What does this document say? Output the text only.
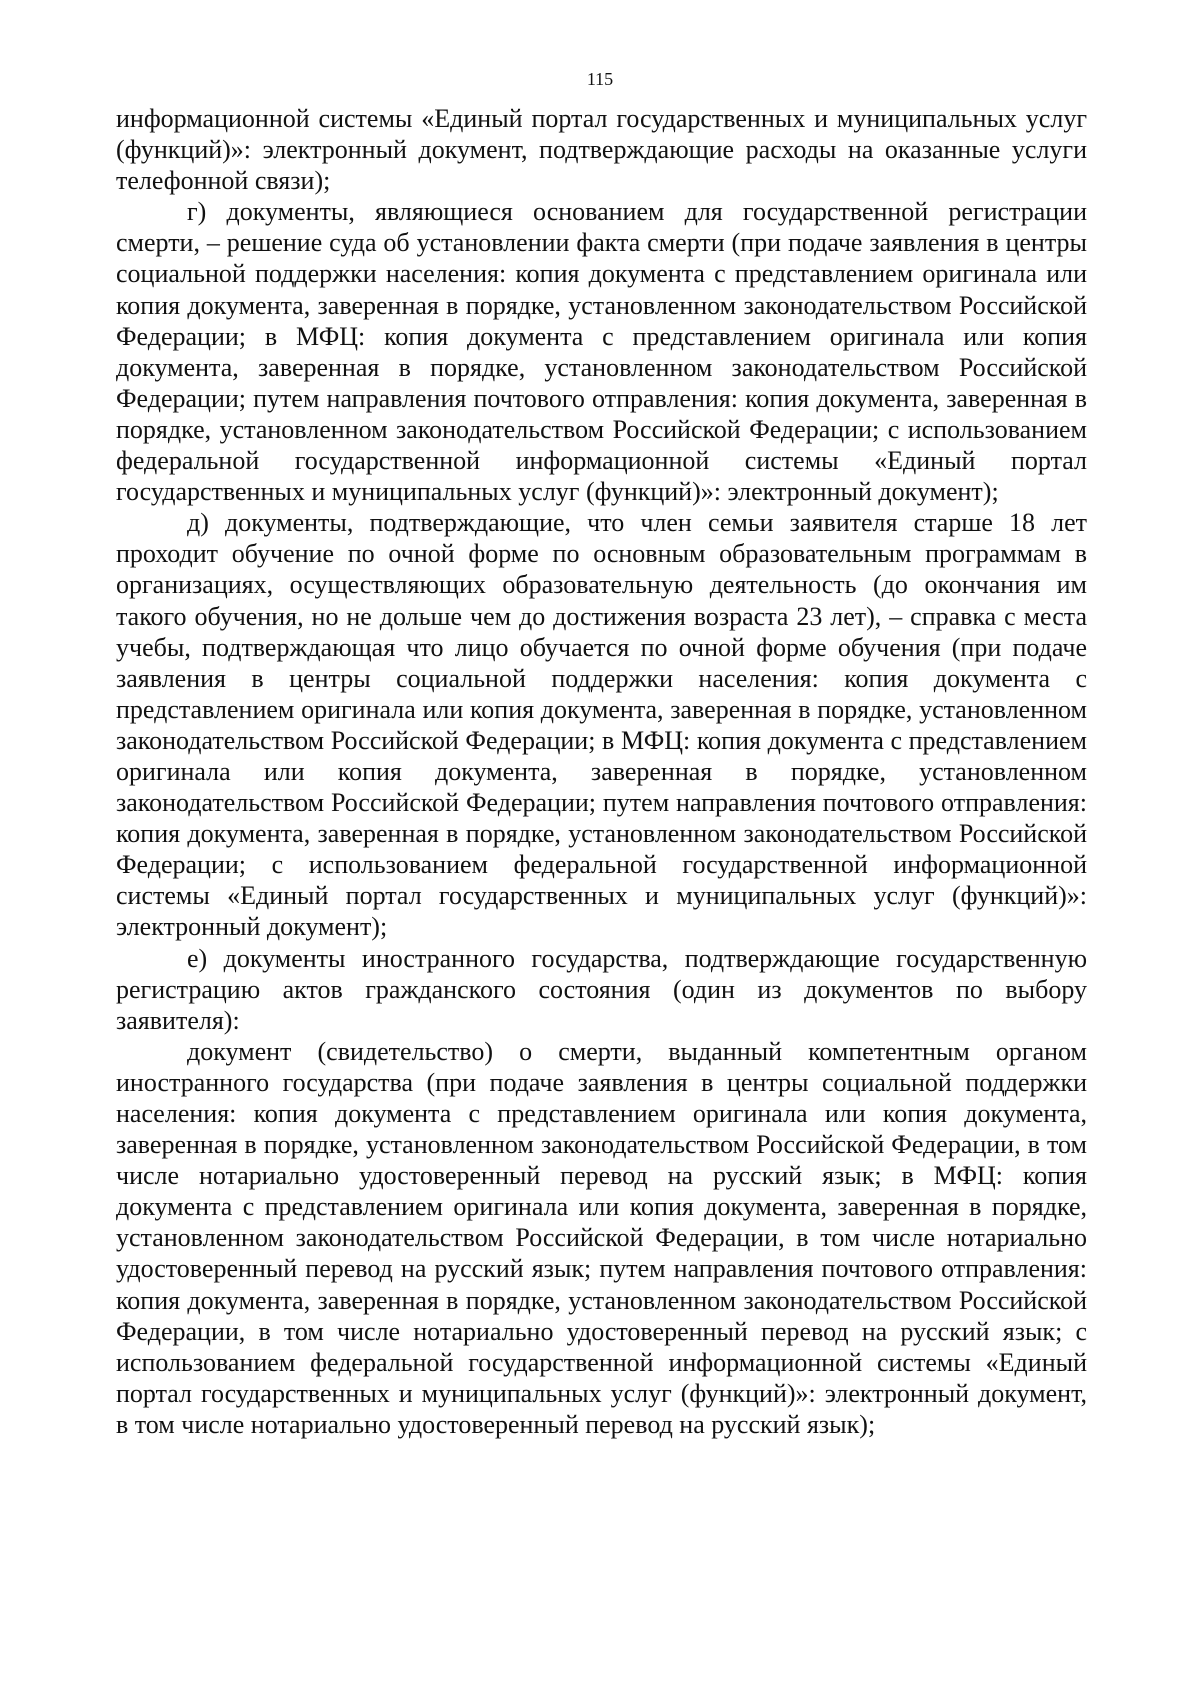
115

информационной системы «Единый портал государственных и муниципальных услуг (функций)»: электронный документ, подтверждающие расходы на оказанные услуги телефонной связи);

г) документы, являющиеся основанием для государственной регистрации смерти, – решение суда об установлении факта смерти (при подаче заявления в центры социальной поддержки населения: копия документа с представлением оригинала или копия документа, заверенная в порядке, установленном законодательством Российской Федерации; в МФЦ: копия документа с представлением оригинала или копия документа, заверенная в порядке, установленном законодательством Российской Федерации; путем направления почтового отправления: копия документа, заверенная в порядке, установленном законодательством Российской Федерации; с использованием федеральной государственной информационной системы «Единый портал государственных и муниципальных услуг (функций)»: электронный документ);

д) документы, подтверждающие, что член семьи заявителя старше 18 лет проходит обучение по очной форме по основным образовательным программам в организациях, осуществляющих образовательную деятельность (до окончания им такого обучения, но не дольше чем до достижения возраста 23 лет), – справка с места учебы, подтверждающая что лицо обучается по очной форме обучения (при подаче заявления в центры социальной поддержки населения: копия документа с представлением оригинала или копия документа, заверенная в порядке, установленном законодательством Российской Федерации; в МФЦ: копия документа с представлением оригинала или копия документа, заверенная в порядке, установленном законодательством Российской Федерации; путем направления почтового отправления: копия документа, заверенная в порядке, установленном законодательством Российской Федерации; с использованием федеральной государственной информационной системы «Единый портал государственных и муниципальных услуг (функций)»: электронный документ);

е) документы иностранного государства, подтверждающие государственную регистрацию актов гражданского состояния (один из документов по выбору заявителя):

документ (свидетельство) о смерти, выданный компетентным органом иностранного государства (при подаче заявления в центры социальной поддержки населения: копия документа с представлением оригинала или копия документа, заверенная в порядке, установленном законодательством Российской Федерации, в том числе нотариально удостоверенный перевод на русский язык; в МФЦ: копия документа с представлением оригинала или копия документа, заверенная в порядке, установленном законодательством Российской Федерации, в том числе нотариально удостоверенный перевод на русский язык; путем направления почтового отправления: копия документа, заверенная в порядке, установленном законодательством Российской Федерации, в том числе нотариально удостоверенный перевод на русский язык; с использованием федеральной государственной информационной системы «Единый портал государственных и муниципальных услуг (функций)»: электронный документ, в том числе нотариально удостоверенный перевод на русский язык);
